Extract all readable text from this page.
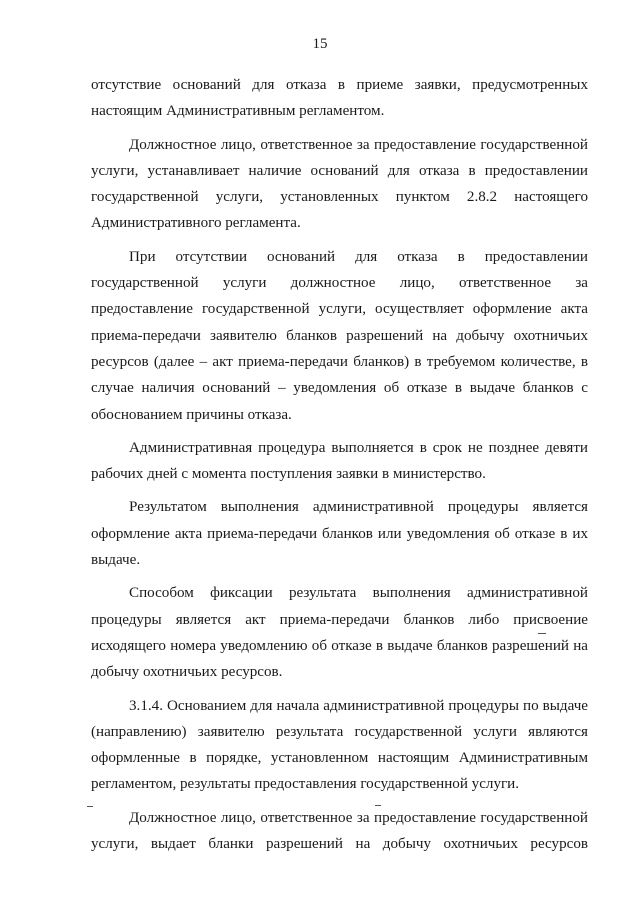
15

отсутствие оснований для отказа в приеме заявки, предусмотренных настоящим Административным регламентом.

Должностное лицо, ответственное за предоставление государственной услуги, устанавливает наличие оснований для отказа в предоставлении государственной услуги, установленных пунктом 2.8.2 настоящего Административного регламента.

При отсутствии оснований для отказа в предоставлении государственной услуги должностное лицо, ответственное за предоставление государственной услуги, осуществляет оформление акта приема-передачи заявителю бланков разрешений на добычу охотничьих ресурсов (далее – акт приема-передачи бланков) в требуемом количестве, в случае наличия оснований – уведомления об отказе в выдаче бланков с обоснованием причины отказа.

Административная процедура выполняется в срок не позднее девяти рабочих дней с момента поступления заявки в министерство.

Результатом выполнения административной процедуры является оформление акта приема-передачи бланков или уведомления об отказе в их выдаче.

Способом фиксации результата выполнения административной процедуры является акт приема-передачи бланков либо присвоение исходящего номера уведомлению об отказе в выдаче бланков разрешений на добычу охотничьих ресурсов.

3.1.4. Основанием для начала административной процедуры по выдаче (направлению) заявителю результата государственной услуги являются оформленные в порядке, установленном настоящим Административным регламентом, результаты предоставления государственной услуги.

Должностное лицо, ответственное за предоставление государственной услуги, выдает бланки разрешений на добычу охотничьих ресурсов
